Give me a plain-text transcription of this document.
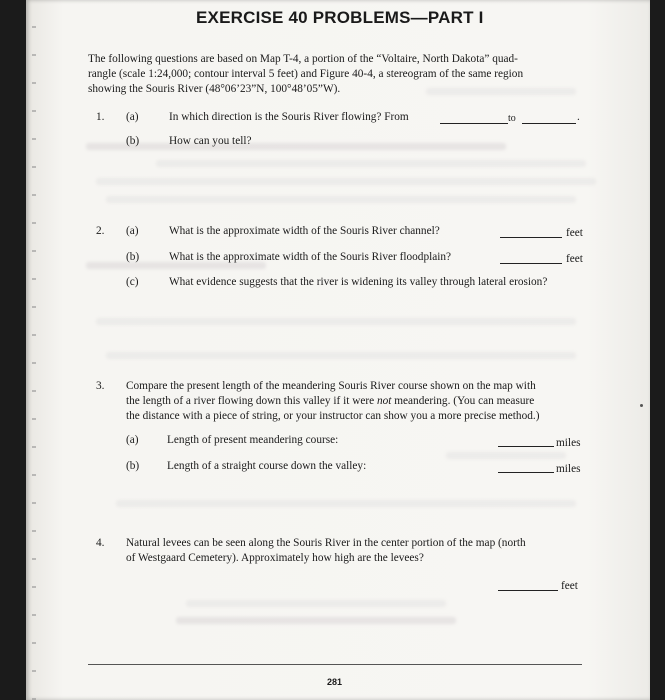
EXERCISE 40 PROBLEMS—PART I
The following questions are based on Map T-4, a portion of the “Voltaire, North Dakota” quad-
rangle (scale 1:24,000; contour interval 5 feet) and Figure 40-4, a stereogram of the same region
showing the Souris River (48°06’23”N, 100°48’05”W).
1. (a)	In which direction is the Souris River flowing? From	to	.
(b)	How can you tell?
2. (a)	What is the approximate width of the Souris River channel?	feet
(b)	What is the approximate width of the Souris River floodplain?	feet
(c)	What evidence suggests that the river is widening its valley through lateral erosion?
3. Compare the present length of the meandering Souris River course shown on the map with
the length of a river flowing down this valley if it were not meandering. (You can measure
the distance with a piece of string, or your instructor can show you a more precise method.)
(a)	Length of present meandering course:	miles
(b) Length of a straight course down the valley:	miles
4. Natural levees can be seen along the Souris River in the center portion of the map (north
of Westgaard Cemetery). Approximately how high are the levees?
feet
281
